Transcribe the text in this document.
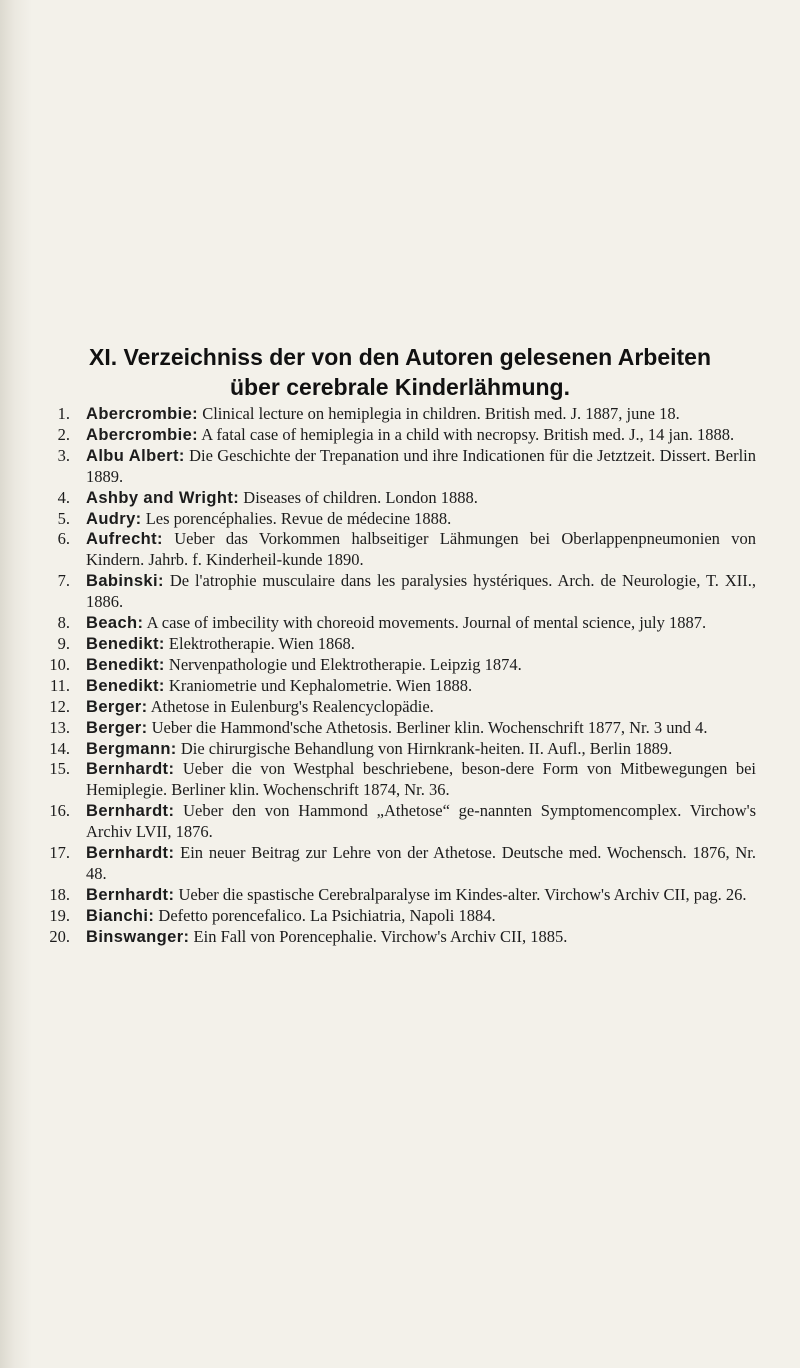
XI. Verzeichniss der von den Autoren gelesenen Arbeiten
über cerebrale Kinderlähmung.
1. Abercrombie: Clinical lecture on hemiplegia in children. British med. J. 1887, june 18.
2. Abercrombie: A fatal case of hemiplegia in a child with necropsy. British med. J., 14 jan. 1888.
3. Albu Albert: Die Geschichte der Trepanation und ihre Indicationen für die Jetztzeit. Dissert. Berlin 1889.
4. Ashby and Wright: Diseases of children. London 1888.
5. Audry: Les porencéphalies. Revue de médecine 1888.
6. Aufrecht: Ueber das Vorkommen halbseitiger Lähmungen bei Oberlappenpneumonien von Kindern. Jahrb. f. Kinderheil-kunde 1890.
7. Babinski: De l'atrophie musculaire dans les paralysies hystériques. Arch. de Neurologie, T. XII., 1886.
8. Beach: A case of imbecility with choreoid movements. Journal of mental science, july 1887.
9. Benedikt: Elektrotherapie. Wien 1868.
10. Benedikt: Nervenpathologie und Elektrotherapie. Leipzig 1874.
11. Benedikt: Kraniometrie und Kephalometrie. Wien 1888.
12. Berger: Athetose in Eulenburg's Realencyclopädie.
13. Berger: Ueber die Hammond'sche Athetosis. Berliner klin. Wochenschrift 1877, Nr. 3 und 4.
14. Bergmann: Die chirurgische Behandlung von Hirnkrank-heiten. II. Aufl., Berlin 1889.
15. Bernhardt: Ueber die von Westphal beschriebene, beson-dere Form von Mitbewegungen bei Hemiplegie. Berliner klin. Wochenschrift 1874, Nr. 36.
16. Bernhardt: Ueber den von Hammond „Athetose“ ge-nannten Symptomencomplex. Virchow's Archiv LVII, 1876.
17. Bernhardt: Ein neuer Beitrag zur Lehre von der Athetose. Deutsche med. Wochensch. 1876, Nr. 48.
18. Bernhardt: Ueber die spastische Cerebralparalyse im Kindes-alter. Virchow's Archiv CII, pag. 26.
19. Bianchi: Defetto porencefalico. La Psichiatria, Napoli 1884.
20. Binswanger: Ein Fall von Porencephalie. Virchow's Archiv CII, 1885.
